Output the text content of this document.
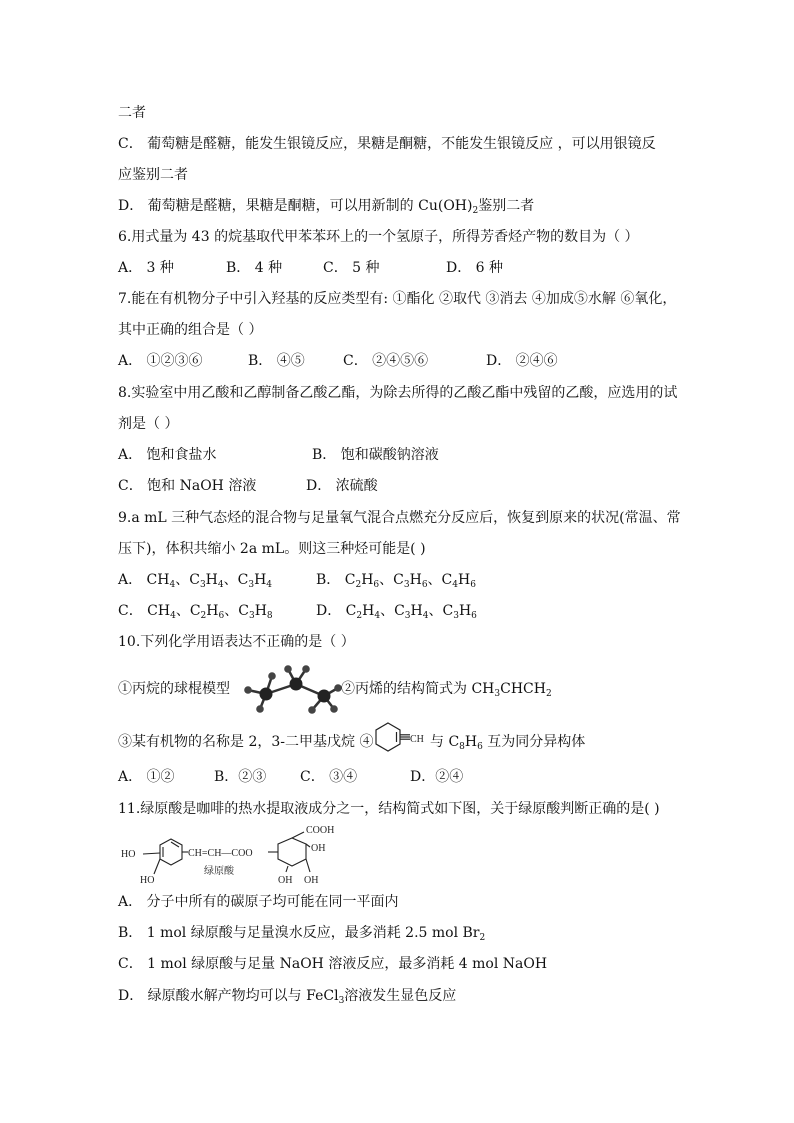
二者
C． 葡萄糖是醛糖，能发生银镜反应，果糖是酮糖，不能发生银镜反应 ，可以用银镜反
应鉴别二者
D． 葡萄糖是醛糖，果糖是酮糖，可以用新制的 $Cu(OH)_2$鉴别二者
6.用式量为 43 的烷基取代甲苯苯环上的一个氢原子，所得芳香烃产物的数目为（ ）
A． 3 种	B． 4 种	C． 5 种	D． 6 种
7.能在有机物分子中引入羟基的反应类型有: ①酯化 ②取代 ③消去 ④加成⑤水解 ⑥氧化，
其中正确的组合是（ ）
A． ①②③⑥	B． ④⑤	C． ②④⑤⑥	D． ②④⑥
8.实验室中用乙酸和乙醇制备乙酸乙酯，为除去所得的乙酸乙酯中残留的乙酸，应选用的试
剂是（ ）
A． 饱和食盐水	B． 饱和碳酸钠溶液
C． 饱和 NaOH 溶液	D． 浓硫酸
9.a mL 三种气态烃的混合物与足量氧气混合点燃充分反应后，恢复到原来的状况(常温、常
压下)，体积共缩小 2a mL。则这三种烃可能是( )
A． $CH_4$、$C_3H_4$、$C_3H_4$	B． $C_2H_6$、$C_3H_6$、$C_4H_6$
C． $CH_4$、$C_2H_6$、$C_3H_8$	D． $C_2H_4$、$C_3H_4$、$C_3H_6$
10.下列化学用语表达不正确的是（ ）
①丙烷的球棍模型	②丙烯的结构简式为 $CH_3CHCH_2$
③某有机物的名称是 2，3-二甲基戊烷 ④	CH 与 $C_8H_6$ 互为同分异构体
A． ①②	B．②③ C． ③④	D．②④
11.绿原酸是咖啡的热水提取液成分之一，结构简式如下图，关于绿原酸判断正确的是( )
HO
HO
CH=CH—COO
COOH
OH
OH OH
绿原酸
A． 分子中所有的碳原子均可能在同一平面内
B． 1 mol 绿原酸与足量溴水反应，最多消耗 2.5 mol $Br_2$
C． 1 mol 绿原酸与足量 NaOH 溶液反应，最多消耗 4 mol NaOH
D． 绿原酸水解产物均可以与 FeCl$_3$溶液发生显色反应
